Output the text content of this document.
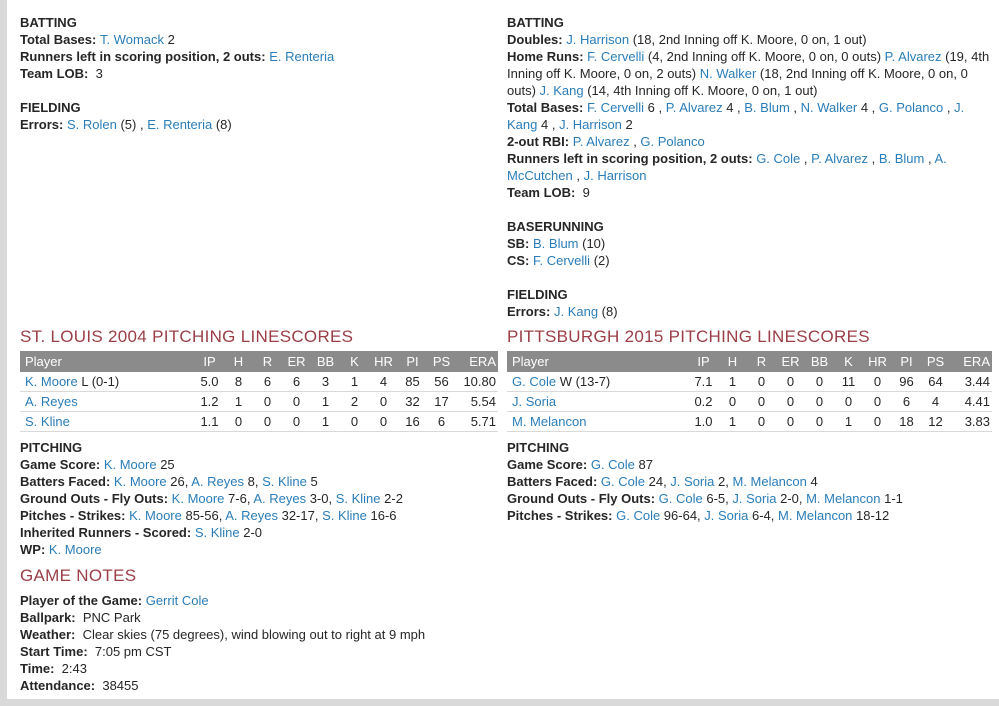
BATTING
Total Bases: T. Womack 2
Runners left in scoring position, 2 outs: E. Renteria
Team LOB:  3
FIELDING
Errors: S. Rolen (5) , E. Renteria (8)
ST. LOUIS 2004 PITCHING LINESCORES
Player	IP	H	R	ER	BB	K	HR	PI	PS	ERA
K. Moore L (0-1)	5.0	8	6	6	3	1	4	85	56	10.80
A. Reyes	1.2	1	0	0	1	2	0	32	17	5.54
S. Kline	1.1	0	0	0	1	0	0	16	6	5.71
PITCHING
Game Score: K. Moore 25
Batters Faced: K. Moore 26, A. Reyes 8, S. Kline 5
Ground Outs - Fly Outs: K. Moore 7-6, A. Reyes 3-0, S. Kline 2-2
Pitches - Strikes: K. Moore 85-56, A. Reyes 32-17, S. Kline 16-6
Inherited Runners - Scored: S. Kline 2-0
WP: K. Moore
GAME NOTES
Player of the Game: Gerrit Cole
Ballpark:  PNC Park
Weather:  Clear skies (75 degrees), wind blowing out to right at 9 mph
Start Time:  7:05 pm CST
Time:  2:43
Attendance:  38455
BATTING
Doubles: J. Harrison (18, 2nd Inning off K. Moore, 0 on, 1 out)
Home Runs: F. Cervelli (4, 2nd Inning off K. Moore, 0 on, 0 outs) P. Alvarez (19, 4th Inning off K. Moore, 0 on, 2 outs) N. Walker (18, 2nd Inning off K. Moore, 0 on, 0 outs) J. Kang (14, 4th Inning off K. Moore, 0 on, 1 out)
Total Bases: F. Cervelli 6 , P. Alvarez 4 , B. Blum , N. Walker 4 , G. Polanco , J. Kang 4 , J. Harrison 2
2-out RBI: P. Alvarez , G. Polanco
Runners left in scoring position, 2 outs: G. Cole , P. Alvarez , B. Blum , A. McCutchen , J. Harrison
Team LOB:  9
BASERUNNING
SB: B. Blum (10)
CS: F. Cervelli (2)
FIELDING
Errors: J. Kang (8)
PITTSBURGH 2015 PITCHING LINESCORES
Player	IP	H	R	ER	BB	K	HR	PI	PS	ERA
G. Cole W (13-7)	7.1	1	0	0	0	11	0	96	64	3.44
J. Soria	0.2	0	0	0	0	0	0	6	4	4.41
M. Melancon	1.0	1	0	0	0	1	0	18	12	3.83
PITCHING
Game Score: G. Cole 87
Batters Faced: G. Cole 24, J. Soria 2, M. Melancon 4
Ground Outs - Fly Outs: G. Cole 6-5, J. Soria 2-0, M. Melancon 1-1
Pitches - Strikes: G. Cole 96-64, J. Soria 6-4, M. Melancon 18-12
